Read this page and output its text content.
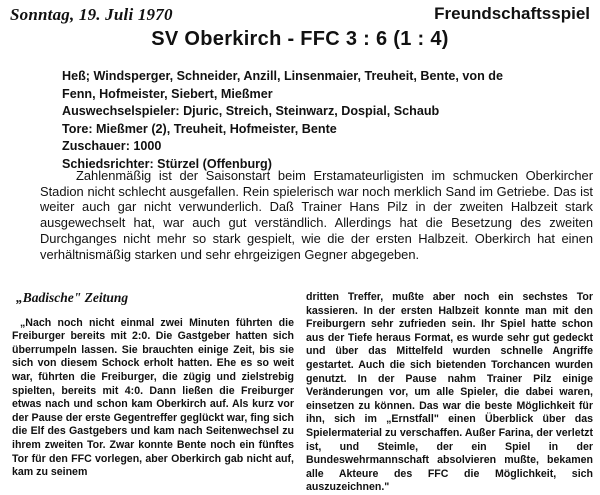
Sonntag, 19. Juli 1970	Freundschaftsspiel
SV Oberkirch - FFC 3 : 6 (1 : 4)
Heß; Windsperger, Schneider, Anzill, Linsenmaier, Treuheit, Bente, von de
Fenn, Hofmeister, Siebert, Mießmer
Auswechselspieler: Djuric, Streich, Steinwarz, Dospial, Schaub
Tore: Mießmer (2), Treuheit, Hofmeister, Bente
Zuschauer: 1000
Schiedsrichter: Stürzel (Offenburg)

Zahlenmäßig ist der Saisonstart beim Erstamateurligisten im schmucken Oberkircher Stadion nicht schlecht ausgefallen. Rein spielerisch war noch merklich Sand im Getriebe. Das ist weiter auch gar nicht verwunderlich. Daß Trainer Hans Pilz in der zweiten Halbzeit stark ausgewechselt hat, war auch gut verständlich. Allerdings hat die Besetzung des zweiten Durchganges nicht mehr so stark gespielt, wie die der ersten Halbzeit. Oberkirch hat einen verhältnismäßig starken und sehr ehrgeizigen Gegner abgegeben.

„Badische" Zeitung

„Nach noch nicht einmal zwei Minuten führten die Freiburger bereits mit 2:0. Die Gastgeber hatten sich überrumpeln lassen. Sie brauchten einige Zeit, bis sie sich von diesem Schock erholt hatten. Ehe es so weit war, führten die Freiburger, die zügig und zielstrebig spielten, bereits mit 4:0. Dann ließen die Freiburger etwas nach und schon kam Oberkirch auf. Als kurz vor der Pause der erste Gegentreffer geglückt war, fing sich die Elf des Gastgebers und kam nach Seitenwechsel zu ihrem zweiten Tor. Zwar konnte Bente noch ein fünftes Tor für den FFC vorlegen, aber Oberkirch gab nicht auf, kam zu seinem

dritten Treffer, mußte aber noch ein sechstes Tor kassieren. In der ersten Halbzeit konnte man mit den Freiburgern sehr zufrieden sein. Ihr Spiel hatte schon aus der Tiefe heraus Format, es wurde sehr gut gedeckt und über das Mittelfeld wurden schnelle Angriffe gestartet. Auch die sich bietenden Torchancen wurden genutzt. In der Pause nahm Trainer Pilz einige Veränderungen vor, um alle Spieler, die dabei waren, einsetzen zu können. Das war die beste Möglichkeit für ihn, sich im „Ernstfall" einen Überblick über das Spielermaterial zu verschaffen. Außer Farina, der verletzt ist, und Steimle, der ein Spiel in der Bundeswehrmannschaft absolvieren mußte, bekamen alle Akteure des FFC die Möglichkeit, sich auszuzeichnen."
